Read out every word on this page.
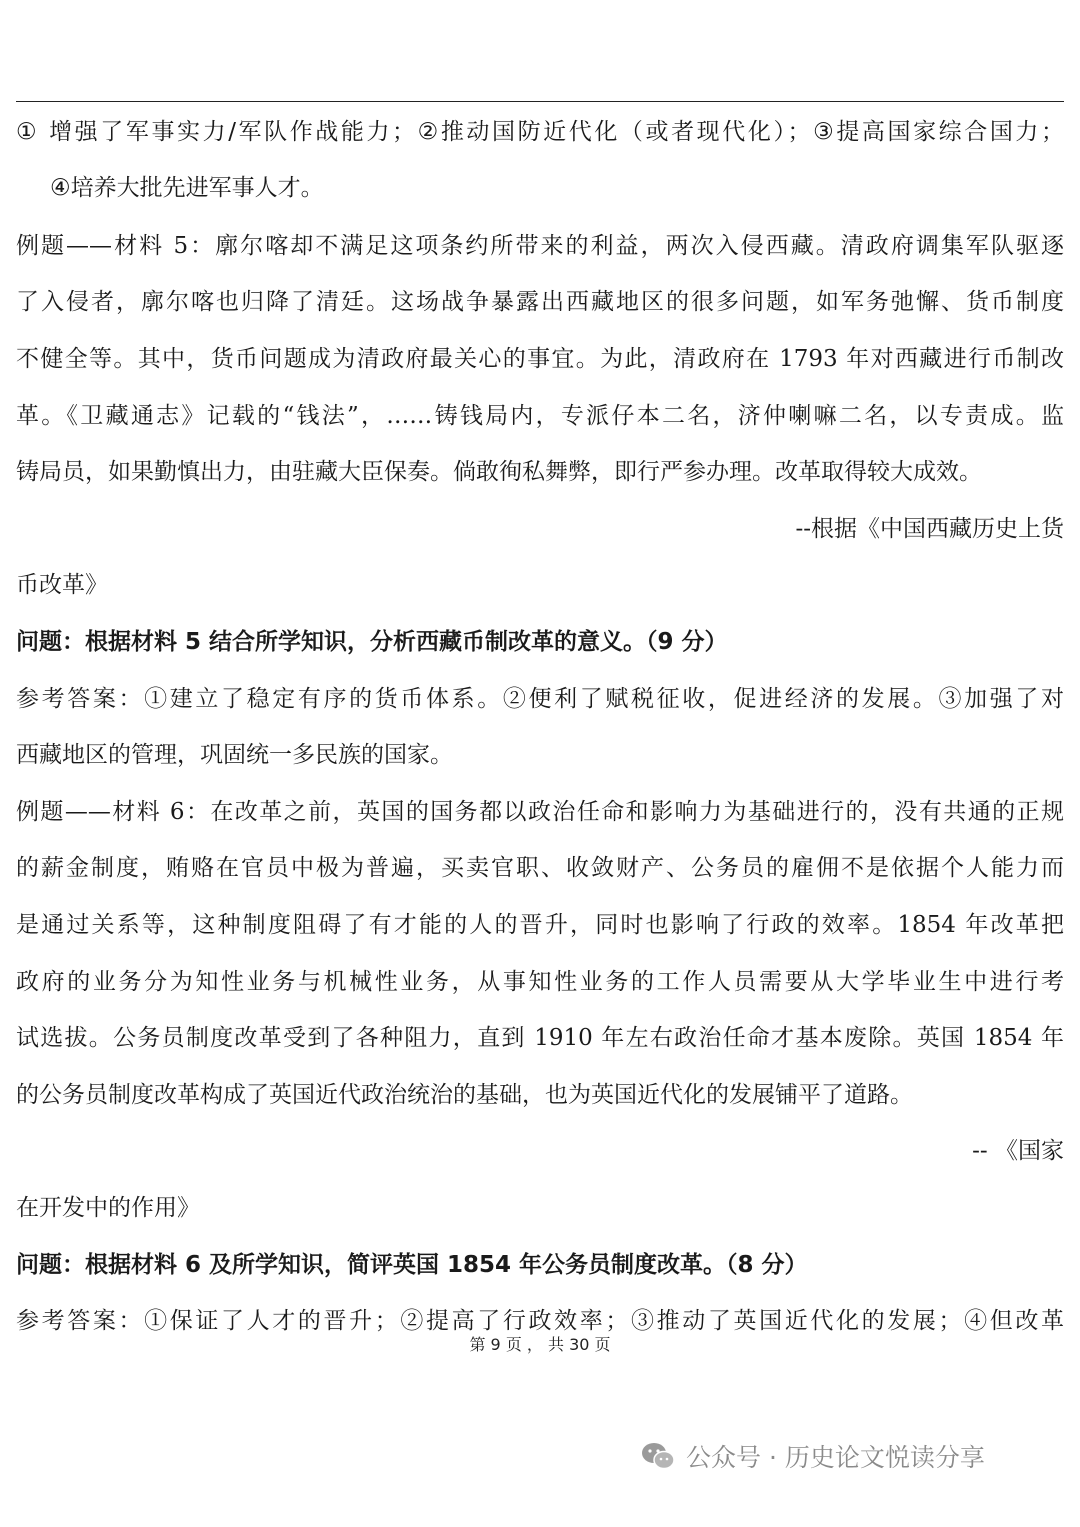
① 增强了军事实力/军队作战能力；②推动国防近代化（或者现代化）；③提高国家综合国力；
④培养大批先进军事人才。
例题——材料 5：廓尔喀却不满足这项条约所带来的利益，两次入侵西藏。清政府调集军队驱逐
了入侵者，廓尔喀也归降了清廷。这场战争暴露出西藏地区的很多问题，如军务弛懈、货币制度
不健全等。其中，货币问题成为清政府最关心的事宜。为此，清政府在 1793 年对西藏进行币制改
革。《卫藏通志》记载的“钱法”，……铸钱局内，专派仔本二名，济仲喇嘛二名，以专责成。监
铸局员，如果勤慎出力，由驻藏大臣保奏。倘敢徇私舞弊，即行严参办理。改革取得较大成效。
--根据《中国西藏历史上货
币改革》
问题：根据材料 5 结合所学知识，分析西藏币制改革的意义。（9 分）
参考答案：①建立了稳定有序的货币体系。②便利了赋税征收，促进经济的发展。③加强了对
西藏地区的管理，巩固统一多民族的国家。
例题——材料 6：在改革之前，英国的国务都以政治任命和影响力为基础进行的，没有共通的正规
的薪金制度，贿赂在官员中极为普遍，买卖官职、收敛财产、公务员的雇佣不是依据个人能力而
是通过关系等，这种制度阻碍了有才能的人的晋升，同时也影响了行政的效率。1854 年改革把
政府的业务分为知性业务与机械性业务，从事知性业务的工作人员需要从大学毕业生中进行考
试选拔。公务员制度改革受到了各种阻力，直到 1910 年左右政治任命才基本废除。英国 1854 年
的公务员制度改革构成了英国近代政治统治的基础，也为英国近代化的发展铺平了道路。
-- 《国家
在开发中的作用》
问题：根据材料 6 及所学知识，简评英国 1854 年公务员制度改革。（8 分）
参考答案：①保证了人才的晋升；②提高了行政效率；③推动了英国近代化的发展；④但改革
第 9 页 ， 共 30 页
公众号 · 历史论文悦读分享
